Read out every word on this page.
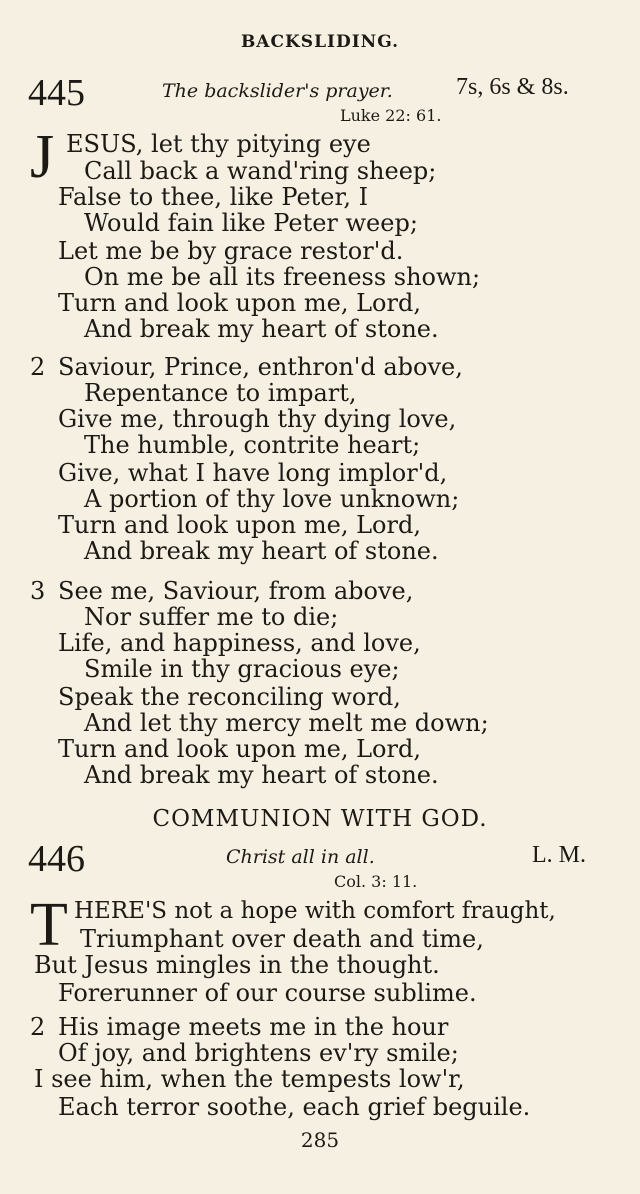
BACKSLIDING.
445	The backslider's prayer.	7s, 6s & 8s.
Luke 22: 61.
J ESUS, let thy pitying eye
Call back a wand'ring sheep;
False to thee, like Peter, I
Would fain like Peter weep;
Let me be by grace restor'd.
On me be all its freeness shown;
Turn and look upon me, Lord,
And break my heart of stone.
2 Saviour, Prince, enthron'd above,
Repentance to impart,
Give me, through thy dying love,
The humble, contrite heart;
Give, what I have long implor'd,
A portion of thy love unknown;
Turn and look upon me, Lord,
And break my heart of stone.
3 See me, Saviour, from above,
Nor suffer me to die;
Life, and happiness, and love,
Smile in thy gracious eye;
Speak the reconciling word,
And let thy mercy melt me down;
Turn and look upon me, Lord,
And break my heart of stone.
COMMUNION WITH GOD.
446	Christ all in all.	L. M.
Col. 3: 11.
T HERE'S not a hope with comfort fraught,
Triumphant over death and time,
But Jesus mingles in the thought.
Forerunner of our course sublime.
2 His image meets me in the hour
Of joy, and brightens ev'ry smile;
I see him, when the tempests low'r,
Each terror soothe, each grief beguile.
285
